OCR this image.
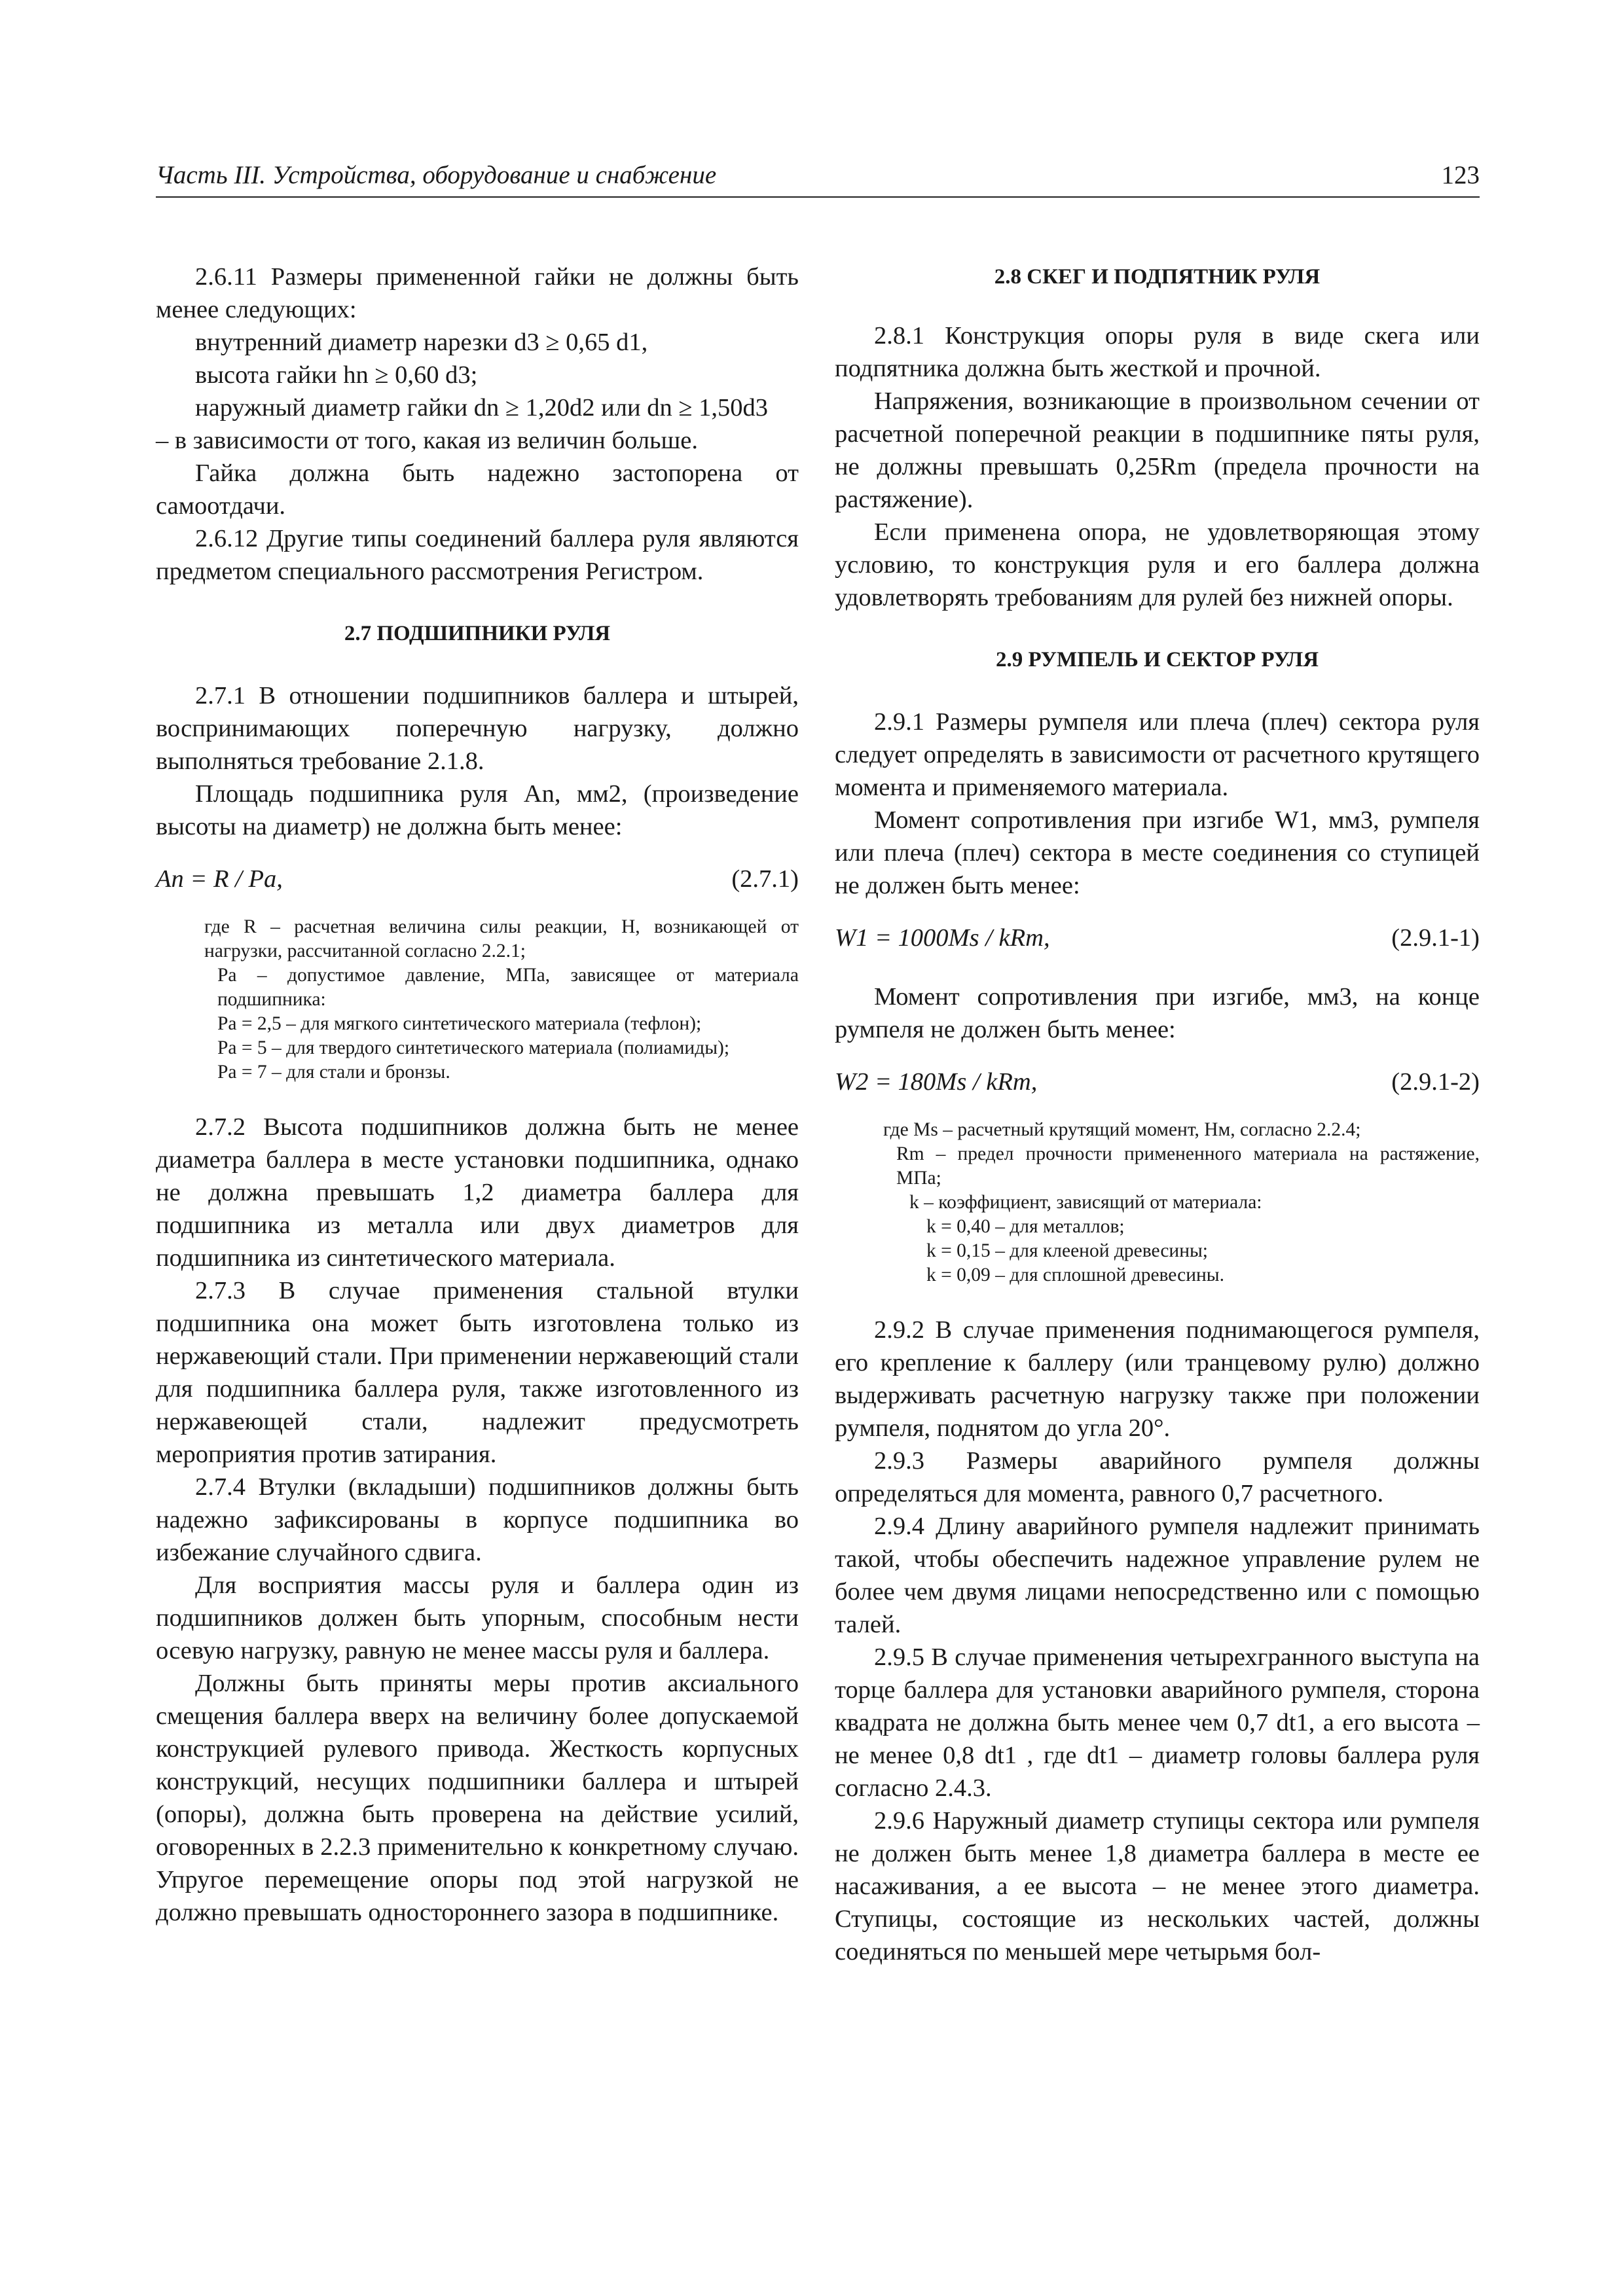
Часть III. Устройства, оборудование и снабжение	123

2.6.11 Размеры примененной гайки не должны быть менее следующих:

внутренний диаметр нарезки d3 ≥ 0,65 d1,

высота гайки hn ≥ 0,60 d3;

наружный диаметр гайки dn ≥ 1,20d2 или dn ≥ 1,50d3

– в зависимости от того, какая из величин больше.

Гайка должна быть надежно застопорена от самоотдачи.

2.6.12 Другие типы соединений баллера руля являются предметом специального рассмотрения Регистром.

2.7 ПОДШИПНИКИ РУЛЯ

2.7.1 В отношении подшипников баллера и штырей, воспринимающих поперечную нагрузку, должно выполняться требование 2.1.8.

Площадь подшипника руля An, мм2, (произведение высоты на диаметр) не должна быть менее:

An = R / Pa,	(2.7.1)
где R – расчетная величина силы реакции, Н, возникающей от нагрузки, рассчитанной согласно 2.2.1;
Pa – допустимое давление, МПа, зависящее от материала подшипника:
Pa = 2,5 – для мягкого синтетического материала (тефлон);
Pa = 5 – для твердого синтетического материала (полиамиды);
Pa = 7 – для стали и бронзы.

2.7.2 Высота подшипников должна быть не менее диаметра баллера в месте установки подшипника, однако не должна превышать 1,2 диаметра баллера для подшипника из металла или двух диаметров для подшипника из синтетического материала.

2.7.3 В случае применения стальной втулки подшипника она может быть изготовлена только из нержавеющий стали. При применении нержавеющий стали для подшипника баллера руля, также изготовленного из нержавеющей стали, надлежит предусмотреть мероприятия против затирания.

2.7.4 Втулки (вкладыши) подшипников должны быть надежно зафиксированы в корпусе подшипника во избежание случайного сдвига.

Для восприятия массы руля и баллера один из подшипников должен быть упорным, способным нести осевую нагрузку, равную не менее массы руля и баллера.

Должны быть приняты меры против аксиального смещения баллера вверх на величину более допускаемой конструкцией рулевого привода. Жесткость корпусных конструкций, несущих подшипники баллера и штырей (опоры), должна быть проверена на действие усилий, оговоренных в 2.2.3 применительно к конкретному случаю. Упругое перемещение опоры под этой нагрузкой не должно превышать одностороннего зазора в подшипнике.

2.8 СКЕГ И ПОДПЯТНИК РУЛЯ

2.8.1 Конструкция опоры руля в виде скега или подпятника должна быть жесткой и прочной.

Напряжения, возникающие в произвольном сечении от расчетной поперечной реакции в подшипнике пяты руля, не должны превышать 0,25Rm (предела прочности на растяжение).

Если применена опора, не удовлетворяющая этому условию, то конструкция руля и его баллера должна удовлетворять требованиям для рулей без нижней опоры.

2.9 РУМПЕЛЬ И СЕКТОР РУЛЯ

2.9.1 Размеры румпеля или плеча (плеч) сектора руля следует определять в зависимости от расчетного крутящего момента и применяемого материала.

Момент сопротивления при изгибе W1, мм3, румпеля или плеча (плеч) сектора в месте соединения со ступицей не должен быть менее:

W1 = 1000Ms / kRm,	(2.9.1-1)

Момент сопротивления при изгибе, мм3, на конце румпеля не должен быть менее:

W2 = 180Ms / kRm,	(2.9.1-2)
где Ms – расчетный крутящий момент, Нм, согласно 2.2.4;
Rm – предел прочности примененного материала на растяжение, МПа;
k – коэффициент, зависящий от материала:
k = 0,40 – для металлов;
k = 0,15 – для клееной древесины;
k = 0,09 – для сплошной древесины.

2.9.2 В случае применения поднимающегося румпеля, его крепление к баллеру (или транцевому рулю) должно выдерживать расчетную нагрузку также при положении румпеля, поднятом до угла 20°.

2.9.3 Размеры аварийного румпеля должны определяться для момента, равного 0,7 расчетного.

2.9.4 Длину аварийного румпеля надлежит принимать такой, чтобы обеспечить надежное управление рулем не более чем двумя лицами непосредственно или с помощью талей.

2.9.5 В случае применения четырехгранного выступа на торце баллера для установки аварийного румпеля, сторона квадрата не должна быть менее чем 0,7 dt1, а его высота – не менее 0,8 dt1 , где dt1 – диаметр головы баллера руля согласно 2.4.3.

2.9.6 Наружный диаметр ступицы сектора или румпеля не должен быть менее 1,8 диаметра баллера в месте ее насаживания, а ее высота – не менее этого диаметра. Ступицы, состоящие из нескольких частей, должны соединяться по меньшей мере четырьмя бол-
